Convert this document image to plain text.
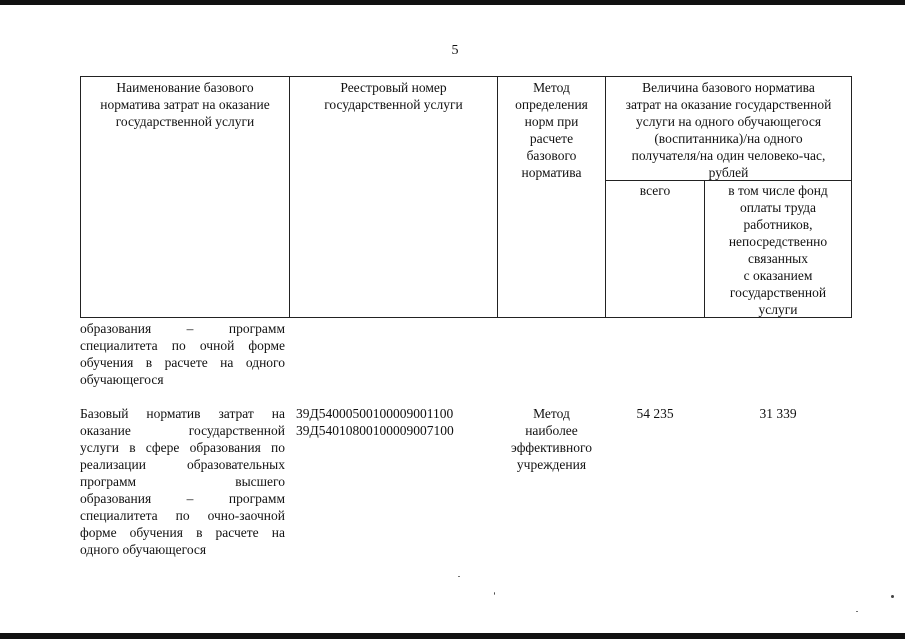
5
Наименование базового
норматива затрат на оказание
государственной услуги
Реестровый номер
государственной услуги
Метод
определения
норм при
расчете
базового
норматива
Величина базового норматива
затрат на оказание государственной
услуги на одного обучающегося
(воспитанника)/на одного
получателя/на один человеко-час,
рублей
всего	в том числе фонд
оплаты труда
работников,
непосредственно
связанных
с оказанием
государственной
услуги
образования – программ
специалитета по очной форме
обучения в расчете на одного
обучающегося
Базовый норматив затрат на
оказание государственной
услуги в сфере образования по
реализации образовательных
программ высшего
образования – программ
специалитета по очно-заочной
форме обучения в расчете на
одного обучающегося
39Д54000500100009001100
39Д54010800100009007100
Метод
наиболее
эффективного
учреждения
54 235	31 339
